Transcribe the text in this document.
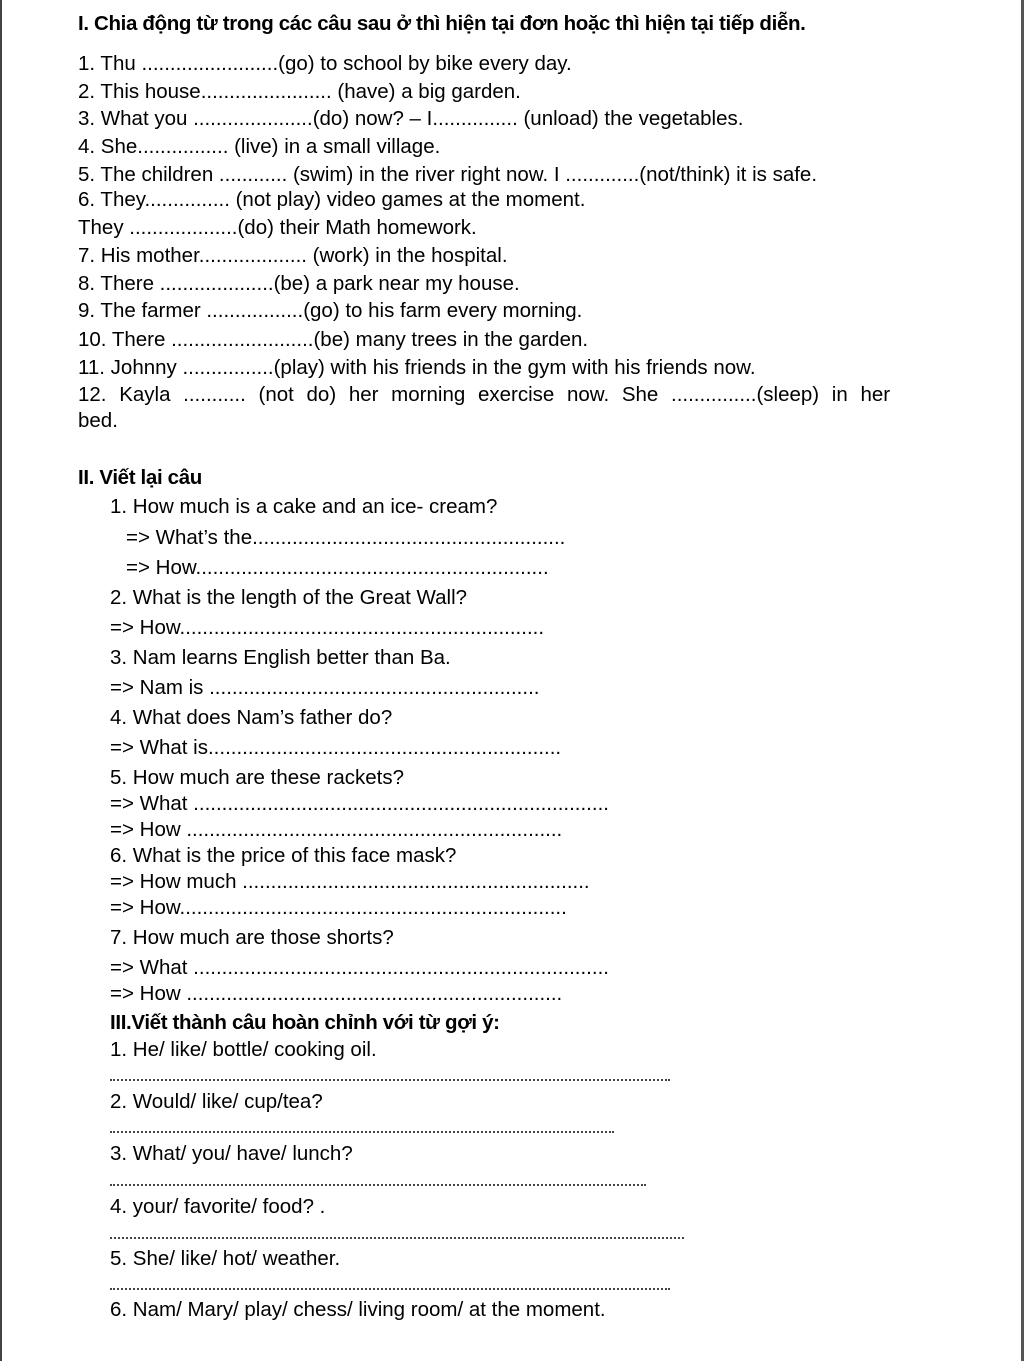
I. Chia động từ trong các câu sau ở thì hiện tại đơn hoặc thì hiện tại tiếp diễn.

1. Thu ........................(go) to school by bike every day.

2. This house....................... (have) a big garden.

3. What you .....................(do) now? – I............... (unload) the vegetables.

4. She................ (live) in a small village.

5. The children ............ (swim) in the river right now. I .............(not/think) it is safe.

6. They............... (not play) video games at the moment.

They ...................(do) their Math homework.

7. His mother................... (work) in the hospital.

8. There ....................(be) a park near my house.

9. The farmer .................(go) to his farm every morning.

10. There .........................(be) many trees in the garden.

11. Johnny ................(play) with his friends in the gym with his friends now.

12. Kayla ........... (not do) her morning exercise now. She ...............(sleep) in her

bed.

II. Viết lại câu

1. How much is a cake and an ice- cream?

=> What’s the.......................................................

=> How..............................................................

2. What is the length of the Great Wall?

=> How................................................................

3. Nam learns English better than Ba.

=> Nam is ..........................................................

4. What does Nam’s father do?

=> What is..............................................................

5. How much are these rackets?

=> What .........................................................................

=> How ..................................................................

6. What is the price of this face mask?

=> How much .............................................................

=> How....................................................................

7. How much are those shorts?

=> What .........................................................................

=> How ..................................................................

III.Viết thành câu hoàn chỉnh với từ gợi ý:

1. He/ like/ bottle/ cooking oil.

2. Would/ like/ cup/tea?

3. What/ you/ have/ lunch?

4. your/ favorite/ food? .

5. She/ like/ hot/ weather.

6. Nam/ Mary/ play/ chess/ living room/ at the moment.
